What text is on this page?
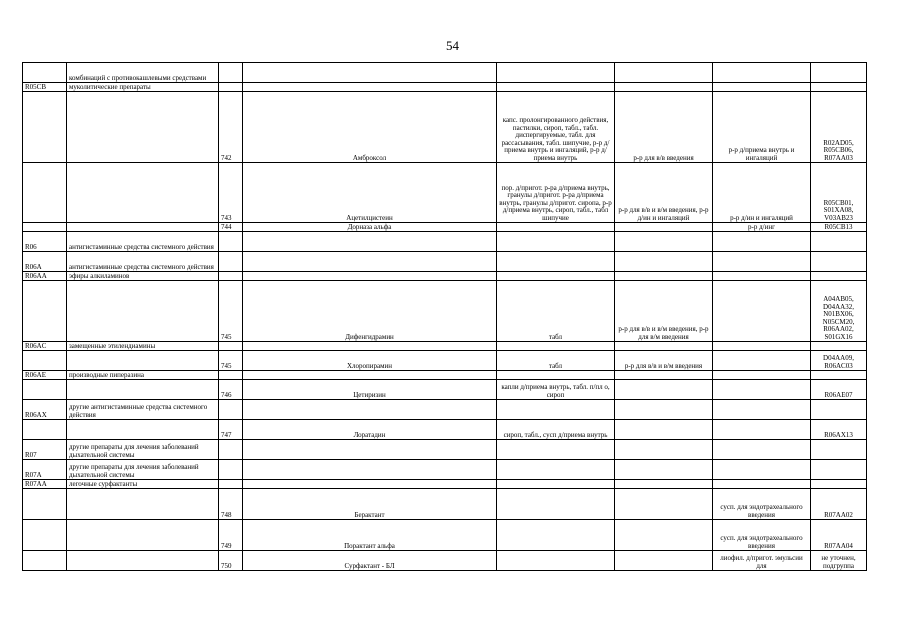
54
	комбинаций с противокашлевыми средствами						
R05CB	муколитические препараты						
		742	Амброксол	капс. пролонгированного действия, пастилки, сироп, табл., табл. диспергируемые, табл. для рассасывания, табл. шипучие, р-р д/приема внутрь и ингаляций, р-р д/приема внутрь	р-р для в/в введения	р-р д/приема внутрь и ингаляций	R02AD05, R05CB06, R07AA03
		743	Ацетилцистеин	пор. д/пригот. р-ра д/приема внутрь, гранулы д/пригот. р-ра д/приема внутрь, гранулы д/пригот. сиропа, р-р д/приема внутрь, сироп, табл., табл шипучие	р-р для в/в и в/м введения, р-р д/ин и ингаляций	р-р д/ин и ингаляций	R05CB01, S01XA08, V03AB23
		744	Дорназа альфа			р-р д/инг	R05CB13
R06	антигистаминные средства системного действия						
R06A	антигистаминные средства системного действия						
R06AA	эфиры алкиламинов						
		745	Дифенгидрамин	табл	р-р для в/в и в/м введения, р-р для в/м введения		A04AB05, D04AA32, N01BX06, N05CM20, R06AA02, S01GX16
R06AC	замещенные этилендиамины						
		745	Хлоропирамин	табл	р-р для в/в и в/м введения		D04AA09, R06AC03
R06AE	производные пиперазина						
		746	Цетиризин	капли д/приема внутрь, табл. п/пл о, сироп			R06AE07
R06AX	другие антигистаминные средства системного действия						
		747	Лоратадин	сироп, табл., сусп д/приема внутрь			R06AX13
R07	другие препараты для лечения заболеваний дыхательной системы						
R07A	другие препараты для лечения заболеваний дыхательной системы						
R07AA	легочные сурфактанты						
		748	Берактант			сусп. для эндотрахеального введения	R07AA02
		749	Порактант альфа			сусп. для эндотрахеального введения	R07AA04
		750	Сурфактант - БЛ			лиофил. д/пригот. эмульсии для	не уточнен, подгруппа
